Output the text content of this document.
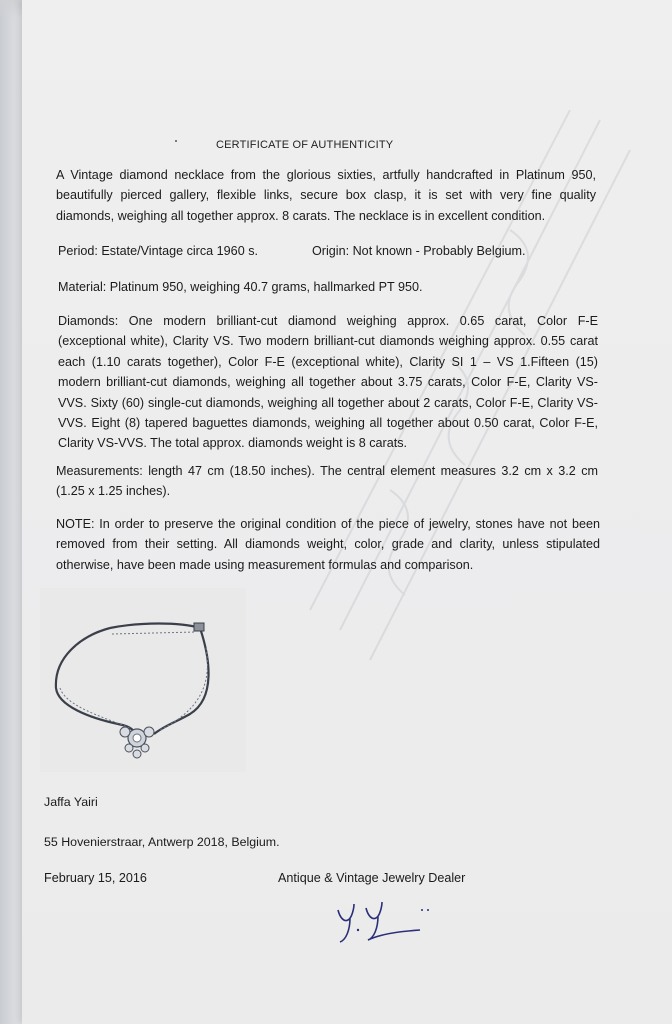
CERTIFICATE OF AUTHENTICITY
A Vintage diamond necklace from the glorious sixties, artfully handcrafted in Platinum 950, beautifully pierced gallery, flexible links, secure box clasp, it is set with very fine quality diamonds, weighing all together approx. 8 carats. The necklace is in excellent condition.
Period: Estate/Vintage circa 1960 s.	Origin: Not known - Probably Belgium.
Material: Platinum 950, weighing 40.7 grams, hallmarked PT 950.
Diamonds: One modern brilliant-cut diamond weighing approx. 0.65 carat, Color F-E (exceptional white), Clarity VS. Two modern brilliant-cut diamonds weighing approx. 0.55 carat each (1.10 carats together), Color F-E (exceptional white), Clarity SI 1 – VS 1.Fifteen (15) modern brilliant-cut diamonds, weighing all together about 3.75 carats, Color F-E, Clarity VS-VVS. Sixty (60) single-cut diamonds, weighing all together about 2 carats, Color F-E, Clarity VS-VVS. Eight (8) tapered baguettes diamonds, weighing all together about 0.50 carat, Color F-E, Clarity VS-VVS. The total approx. diamonds weight is 8 carats.
Measurements: length 47 cm (18.50 inches). The central element measures 3.2 cm x 3.2 cm (1.25 x 1.25 inches).
NOTE: In order to preserve the original condition of the piece of jewelry, stones have not been removed from their setting. All diamonds weight, color, grade and clarity, unless stipulated otherwise, have been made using measurement formulas and comparison.
Jaffa Yairi
55 Hovenierstraar, Antwerp 2018, Belgium.
February 15, 2016	Antique & Vintage Jewelry Dealer
